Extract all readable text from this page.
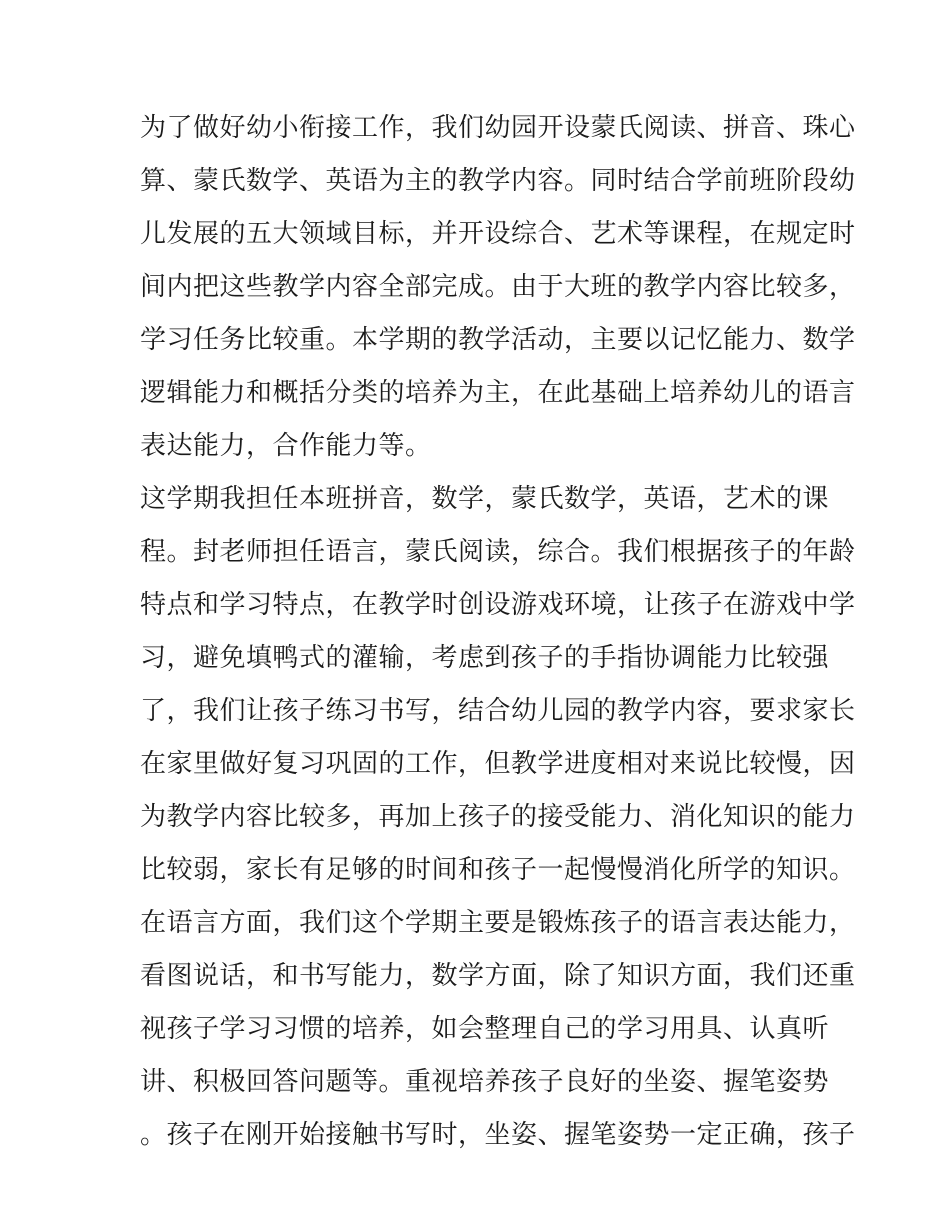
为了做好幼小衔接工作，我们幼园开设蒙氏阅读、拼音、珠心
算、蒙氏数学、英语为主的教学内容。同时结合学前班阶段幼
儿发展的五大领域目标，并开设综合、艺术等课程，在规定时
间内把这些教学内容全部完成。由于大班的教学内容比较多，
学习任务比较重。本学期的教学活动，主要以记忆能力、数学
逻辑能力和概括分类的培养为主，在此基础上培养幼儿的语言
表达能力，合作能力等。
这学期我担任本班拼音，数学，蒙氏数学，英语，艺术的课
程。封老师担任语言，蒙氏阅读，综合。我们根据孩子的年龄
特点和学习特点，在教学时创设游戏环境，让孩子在游戏中学
习，避免填鸭式的灌输，考虑到孩子的手指协调能力比较强
了，我们让孩子练习书写，结合幼儿园的教学内容，要求家长
在家里做好复习巩固的工作，但教学进度相对来说比较慢，因
为教学内容比较多，再加上孩子的接受能力、消化知识的能力
比较弱，家长有足够的时间和孩子一起慢慢消化所学的知识。
在语言方面，我们这个学期主要是锻炼孩子的语言表达能力，
看图说话，和书写能力，数学方面，除了知识方面，我们还重
视孩子学习习惯的培养，如会整理自己的学习用具、认真听
讲、积极回答问题等。重视培养孩子良好的坐姿、握笔姿势
。孩子在刚开始接触书写时，坐姿、握笔姿势一定正确，孩子
